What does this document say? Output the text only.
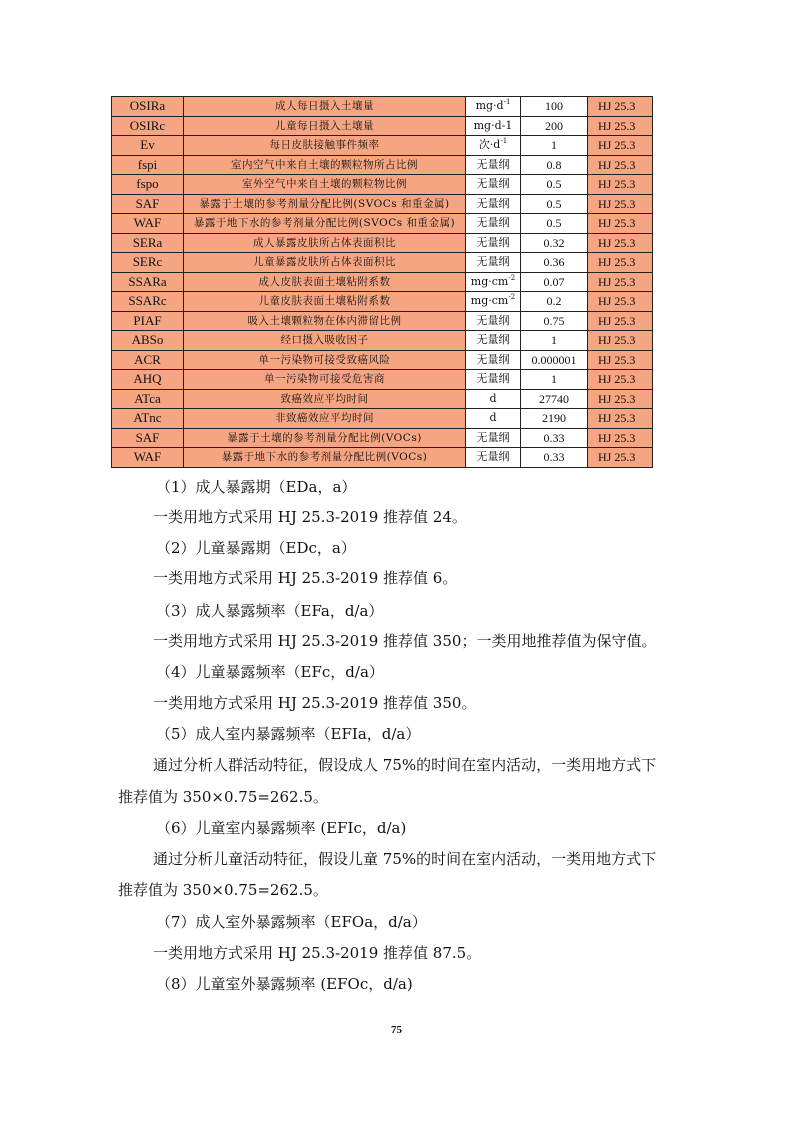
OSIRa	成人每日摄入土壤量	$mg\cdot d^{-1}$	100	HJ 25.3
OSIRc	儿童每日摄入土壤量	mg·d-1	200	HJ 25.3
Ev	每日皮肤接触事件频率	次$\cdot d^{-1}$	1	HJ 25.3
fspi	室内空气中来自土壤的颗粒物所占比例	无量纲	0.8	HJ 25.3
fspo	室外空气中来自土壤的颗粒物比例	无量纲	0.5	HJ 25.3
SAF	暴露于土壤的参考剂量分配比例(SVOCs 和重金属)	无量纲	0.5	HJ 25.3
WAF	暴露于地下水的参考剂量分配比例(SVOCs 和重金属)	无量纲	0.5	HJ 25.3
SERa	成人暴露皮肤所占体表面积比	无量纲	0.32	HJ 25.3
SERc	儿童暴露皮肤所占体表面积比	无量纲	0.36	HJ 25.3
SSARa	成人皮肤表面土壤粘附系数	$mg\cdot cm^{-2}$	0.07	HJ 25.3
SSARc	儿童皮肤表面土壤粘附系数	$mg\cdot cm^{-2}$	0.2	HJ 25.3
PIAF	吸入土壤颗粒物在体内滞留比例	无量纲	0.75	HJ 25.3
ABSo	经口摄入吸收因子	无量纲	1	HJ 25.3
ACR	单一污染物可接受致癌风险	无量纲	0.000001	HJ 25.3
AHQ	单一污染物可接受危害商	无量纲	1	HJ 25.3
ATca	致癌效应平均时间	d	27740	HJ 25.3
ATnc	非致癌效应平均时间	d	2190	HJ 25.3
SAF	暴露于土壤的参考剂量分配比例(VOCs)	无量纲	0.33	HJ 25.3
WAF	暴露于地下水的参考剂量分配比例(VOCs)	无量纲	0.33	HJ 25.3
（1）成人暴露期（EDa，a）
一类用地方式采用 HJ 25.3-2019 推荐值 24。
（2）儿童暴露期（EDc，a）
一类用地方式采用 HJ 25.3-2019 推荐值 6。
（3）成人暴露频率（EFa，d/a）
一类用地方式采用 HJ 25.3-2019 推荐值 350；一类用地推荐值为保守值。
（4）儿童暴露频率（EFc，d/a）
一类用地方式采用 HJ 25.3-2019 推荐值 350。
（5）成人室内暴露频率（EFIa，d/a）
通过分析人群活动特征，假设成人 75%的时间在室内活动，一类用地方式下
推荐值为 350×0.75=262.5。
（6）儿童室内暴露频率 (EFIc，d/a)
通过分析儿童活动特征，假设儿童 75%的时间在室内活动，一类用地方式下
推荐值为 350×0.75=262.5。
（7）成人室外暴露频率（EFOa，d/a）
一类用地方式采用 HJ 25.3-2019 推荐值 87.5。
（8）儿童室外暴露频率 (EFOc，d/a)
75
